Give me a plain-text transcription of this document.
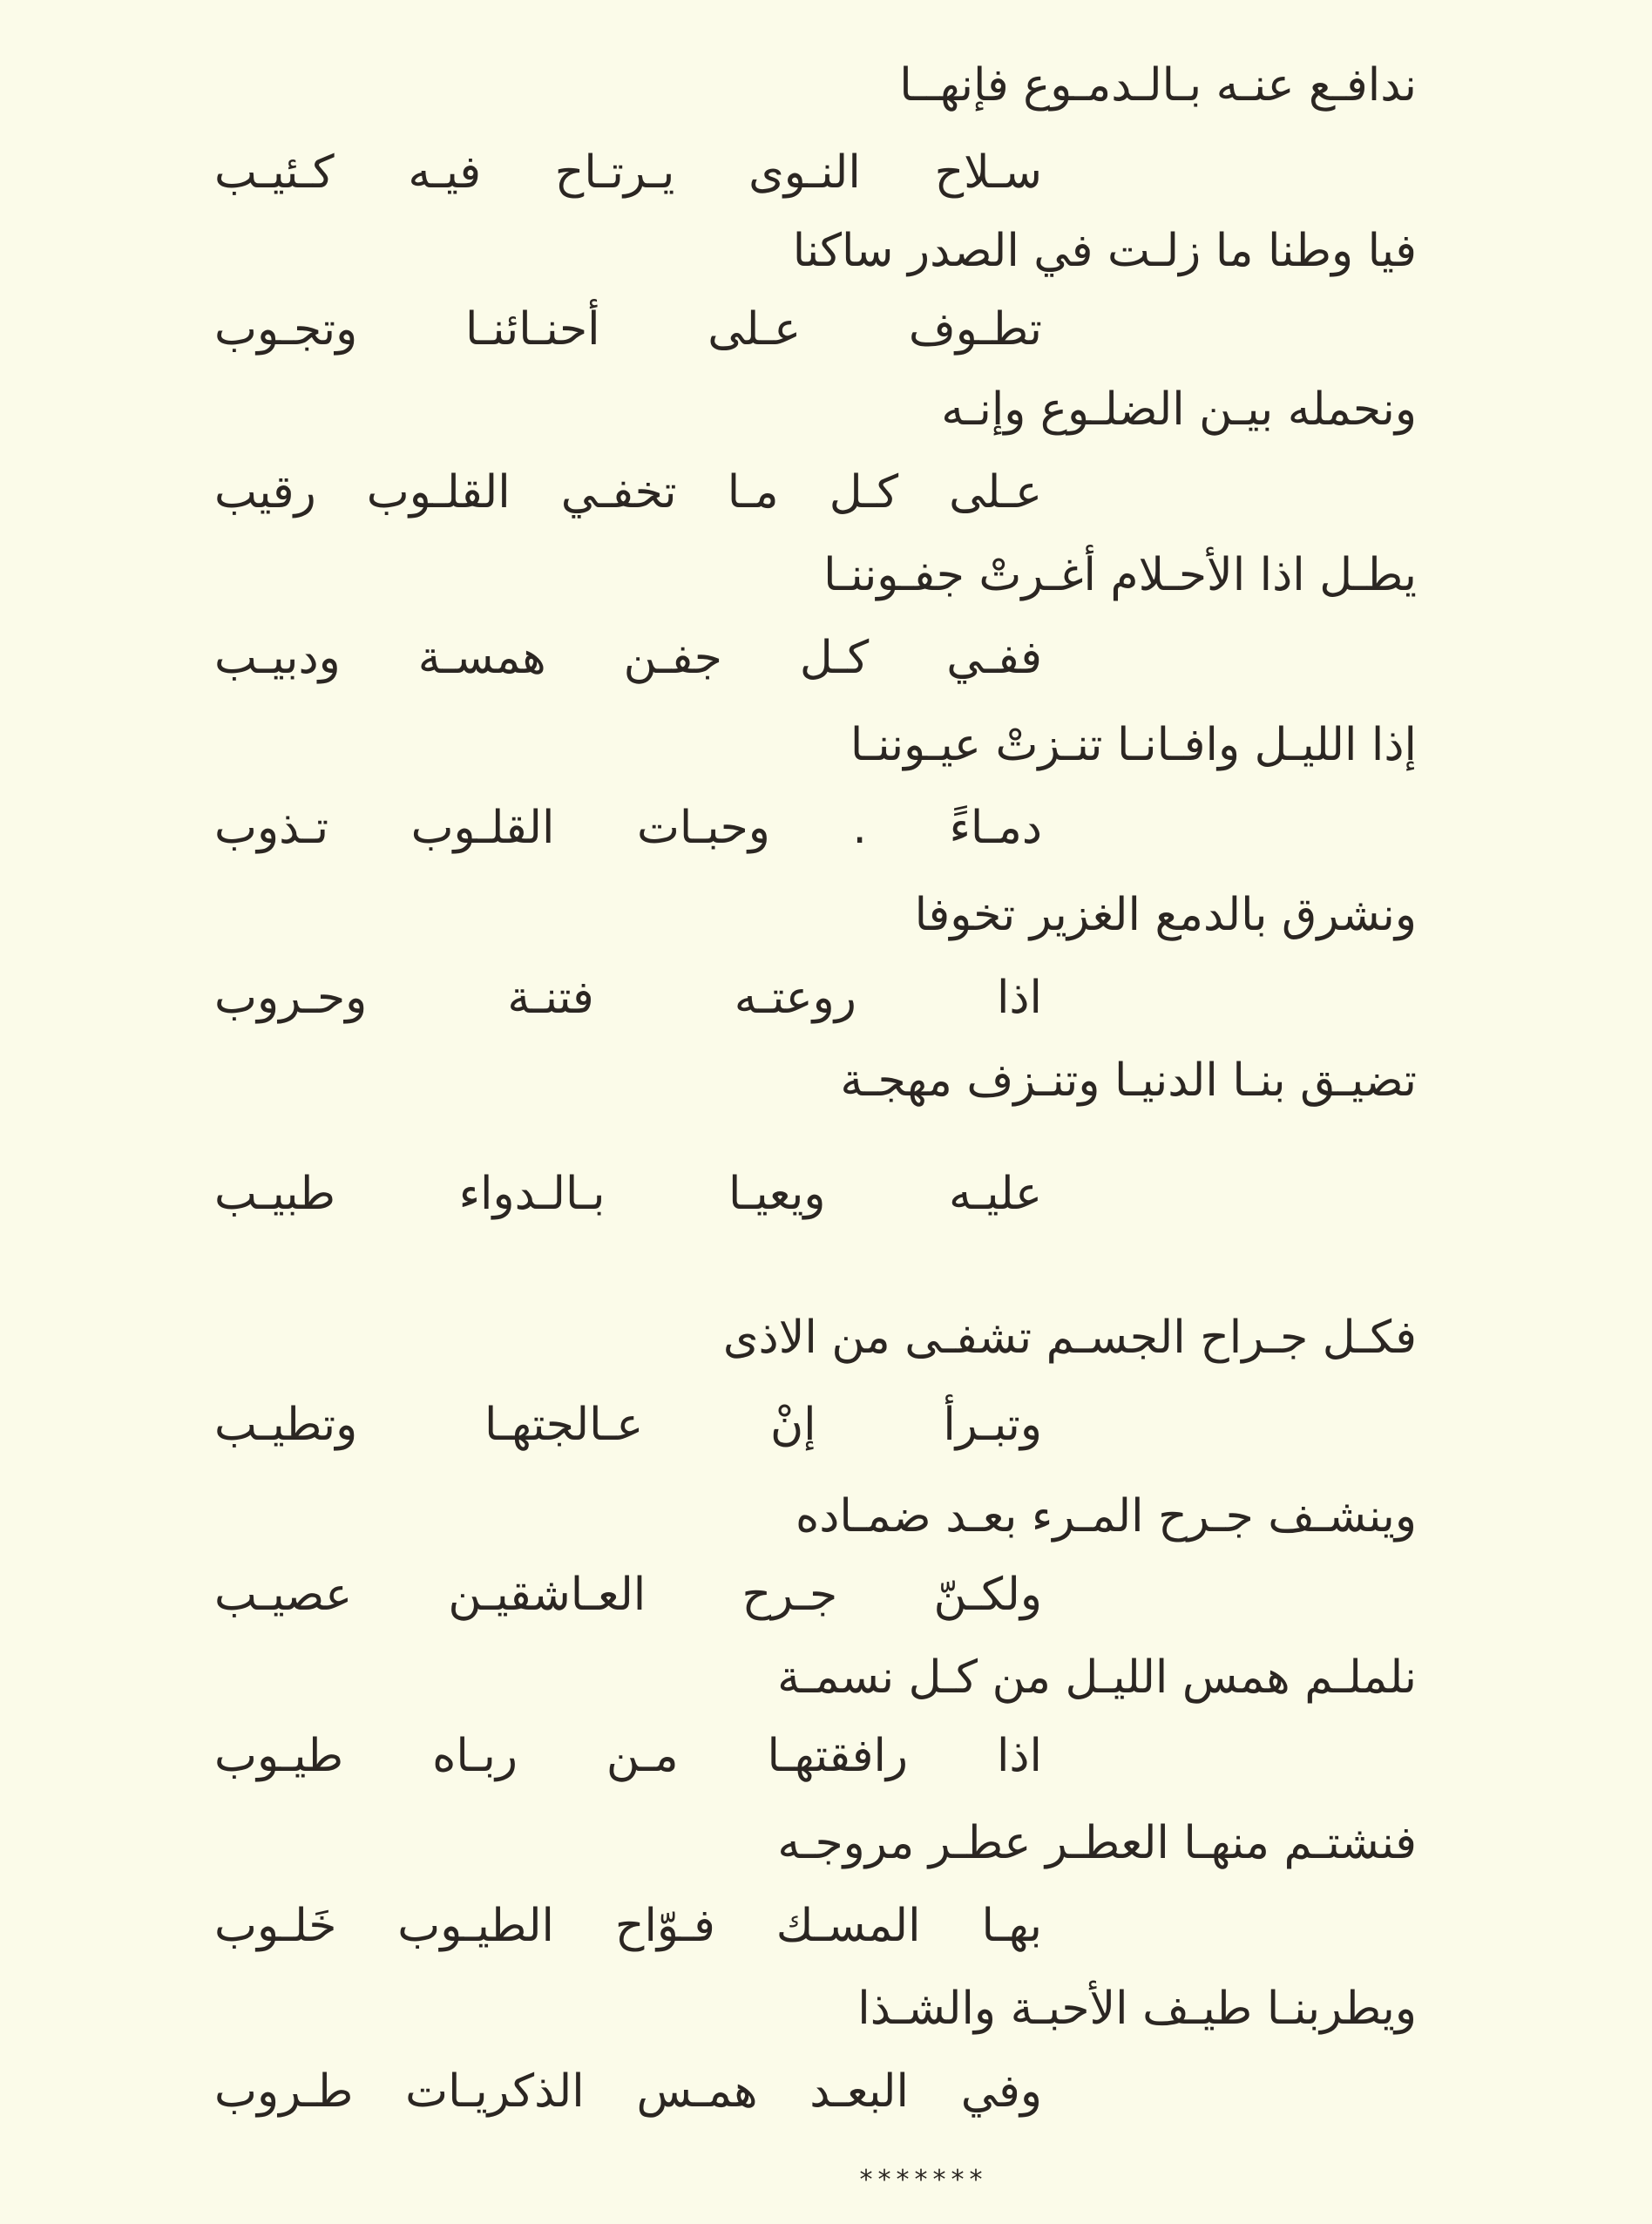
ندافـع عنـه بـالـدمـوع فإنهــا
سـلاح النـوى يـرتـاح فيـه كـئيـب
فيا وطنا ما زلـت في الصدر ساكنا
تطـوف عـلى أحنـائنـا وتجـوب
ونحمله بيـن الضلـوع وإنـه
عـلى كـل مـا تخفـي القلـوب رقيب
يطـل اذا الأحـلام أغـرتْ جفـوننـا
ففـي كـل جفـن همسـة ودبيـب
إذا الليـل وافـانـا تنـزتْ عيـوننـا
دمـاءً . وحبـات القلـوب تـذوب
ونشرق بالدمع الغزير تخوفا
اذا روعتـه فتنـة وحـروب
تضيـق بنـا الدنيـا وتنـزف مهجـة
عليـه ويعيـا بـالـدواء طبيـب
فكـل جـراح الجسـم تشفـى من الاذى
وتبـرأ إنْ عـالجتهـا وتطيـب
وينشـف جـرح المـرء بعـد ضمـاده
ولكـنّ جـرح العـاشقيـن عصيـب
نلملـم همس الليـل من كـل نسمـة
اذا رافقتهـا مـن ربـاه طيـوب
فنشتـم منهـا العطـر عطـر مروجـه
بهـا المسـك فـوّاح الطيـوب خَلـوب
ويطربنـا طيـف الأحبـة والشـذا
وفي البعـد همـس الذكريـات طـروب
*******
